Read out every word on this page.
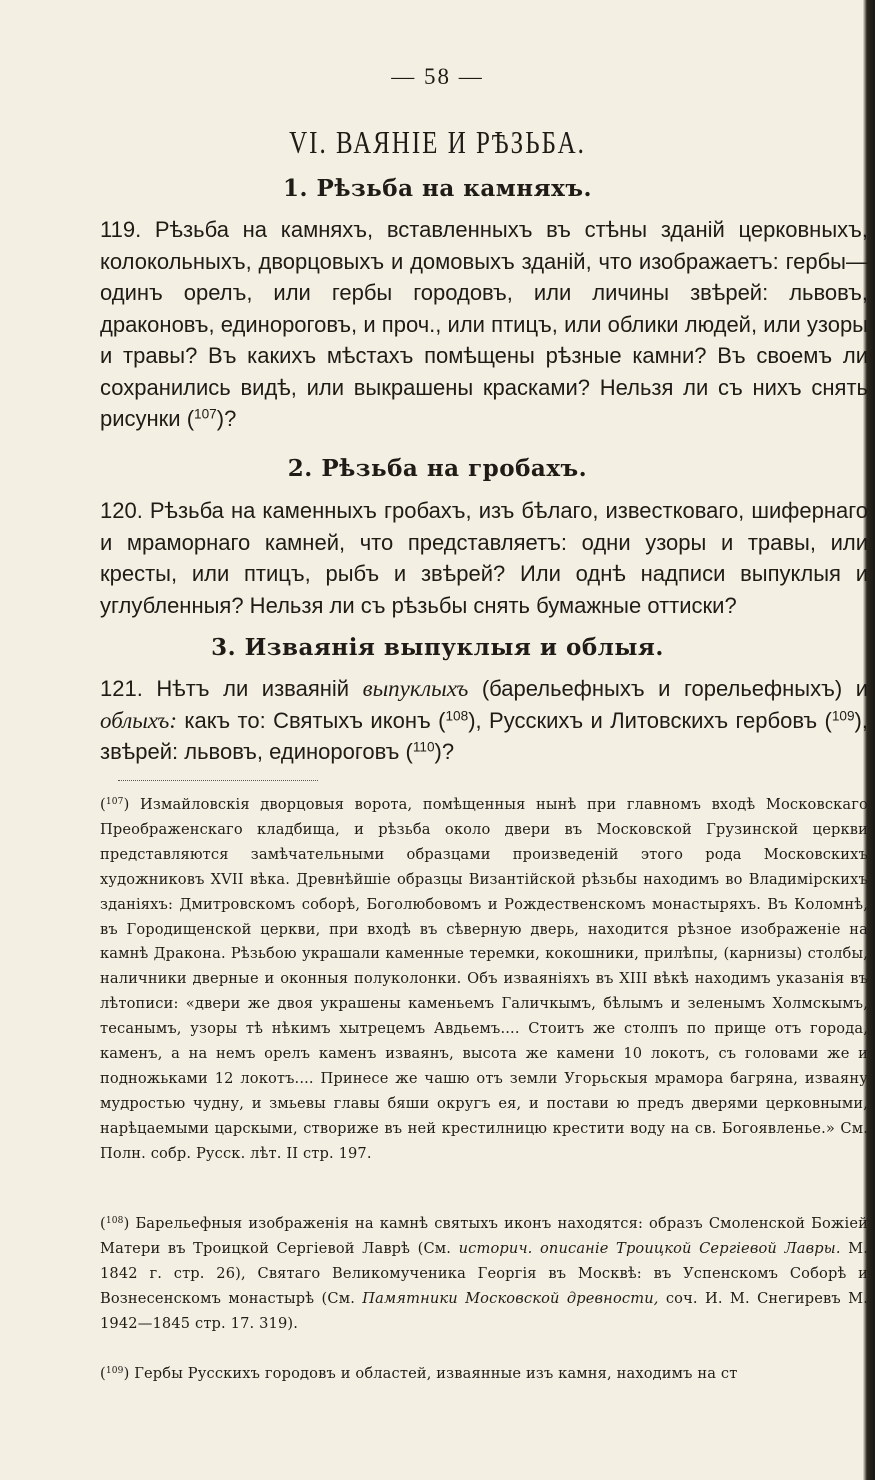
— 58 —
VI. ВАЯНІЕ И РѢЗЬБА.
1. Рѣзьба на камняхъ.
119. Рѣзьба на камняхъ, вставленныхъ въ стѣны зданій церковныхъ, колокольныхъ, дворцовыхъ и домовыхъ зданій, что изображаетъ: гербы—одинъ орелъ, или гербы городовъ, или личины звѣрей: львовъ, драконовъ, единороговъ, и проч., или птицъ, или облики людей, или узоры и травы? Въ какихъ мѣстахъ помѣщены рѣзные камни? Въ своемъ ли сохранились видѣ, или выкрашены красками? Нельзя ли съ нихъ снять рисунки ($^{107}$)?
2. Рѣзьба на гробахъ.
120. Рѣзьба на каменныхъ гробахъ, изъ бѣлаго, известковаго, шифернаго и мраморнаго камней, что представляетъ: одни узоры и травы, или кресты, или птицъ, рыбъ и звѣрей? Или однѣ надписи выпуклыя и углубленныя? Нельзя ли съ рѣзьбы снять бумажные оттиски?
3. Изваянія выпуклыя и облыя.
121. Нѣтъ ли изваяній выпуклыхъ (барельефныхъ и горельефныхъ) и облыхъ: какъ то: Святыхъ иконъ ($^{108}$), Русскихъ и Литовскихъ гербовъ ($^{109}$), звѣрей: львовъ, единороговъ ($^{110}$)?
($^{107}$) Измайловскія дворцовыя ворота, помѣщенныя нынѣ при главномъ входѣ Московскаго Преображенскаго кладбища, и рѣзьба около двери въ Московской Грузинской церкви представляются замѣчательными образцами произведеній этого рода Московскихъ художниковъ XVII вѣка. Древнѣйшіе образцы Византійской рѣзьбы находимъ во Владимірскихъ зданіяхъ: Дмитровскомъ соборѣ, Боголюбовомъ и Рождественскомъ монастыряхъ. Въ Коломнѣ, въ Городищенской церкви, при входѣ въ сѣверную дверь, находится рѣзное изображеніе на камнѣ Дракона. Рѣзьбою украшали каменные теремки, кокошники, прилѣпы, (карнизы) столбы, наличники дверные и оконныя полуколонки. Объ изваяніяхъ въ XIII вѣкѣ находимъ указанія въ лѣтописи: «двери же двоя украшены каменьемъ Галичкымъ, бѣлымъ и зеленымъ Холмскымъ, тесанымъ, узоры тѣ нѣкимъ хытрецемъ Авдьемъ.... Стоитъ же столпъ по прище отъ города, каменъ, а на немъ орелъ каменъ изваянъ, высота же камени 10 локотъ, съ головами же и подножьками 12 локотъ.... Принесе же чашю отъ земли Угорьскыя мрамора багряна, изваяну мудростью чудну, и змьевы главы бяши округъ ея, и постави ю предъ дверями церковными, нарѣцаемыми царскыми, створиже въ ней крестилницю крестити воду на св. Богоявленье.» См. Полн. собр. Русск. лѣт. II стр. 197.
($^{108}$) Барельефныя изображенія на камнѣ святыхъ иконъ находятся: образъ Смоленской Божіей Матери въ Троицкой Сергіевой Лаврѣ (См. историч. описаніе Троицкой Сергіевой Лавры. М. 1842 г. стр. 26), Святаго Великомученика Георгія въ Москвѣ: въ Успенскомъ Соборѣ и Вознесенскомъ монастырѣ (См. Памятники Московской древности, соч. И. М. Снегиревъ М. 1942—1845 стр. 17. 319).
($^{109}$) Гербы Русскихъ городовъ и областей, изваянные изъ камня, находимъ на ст
